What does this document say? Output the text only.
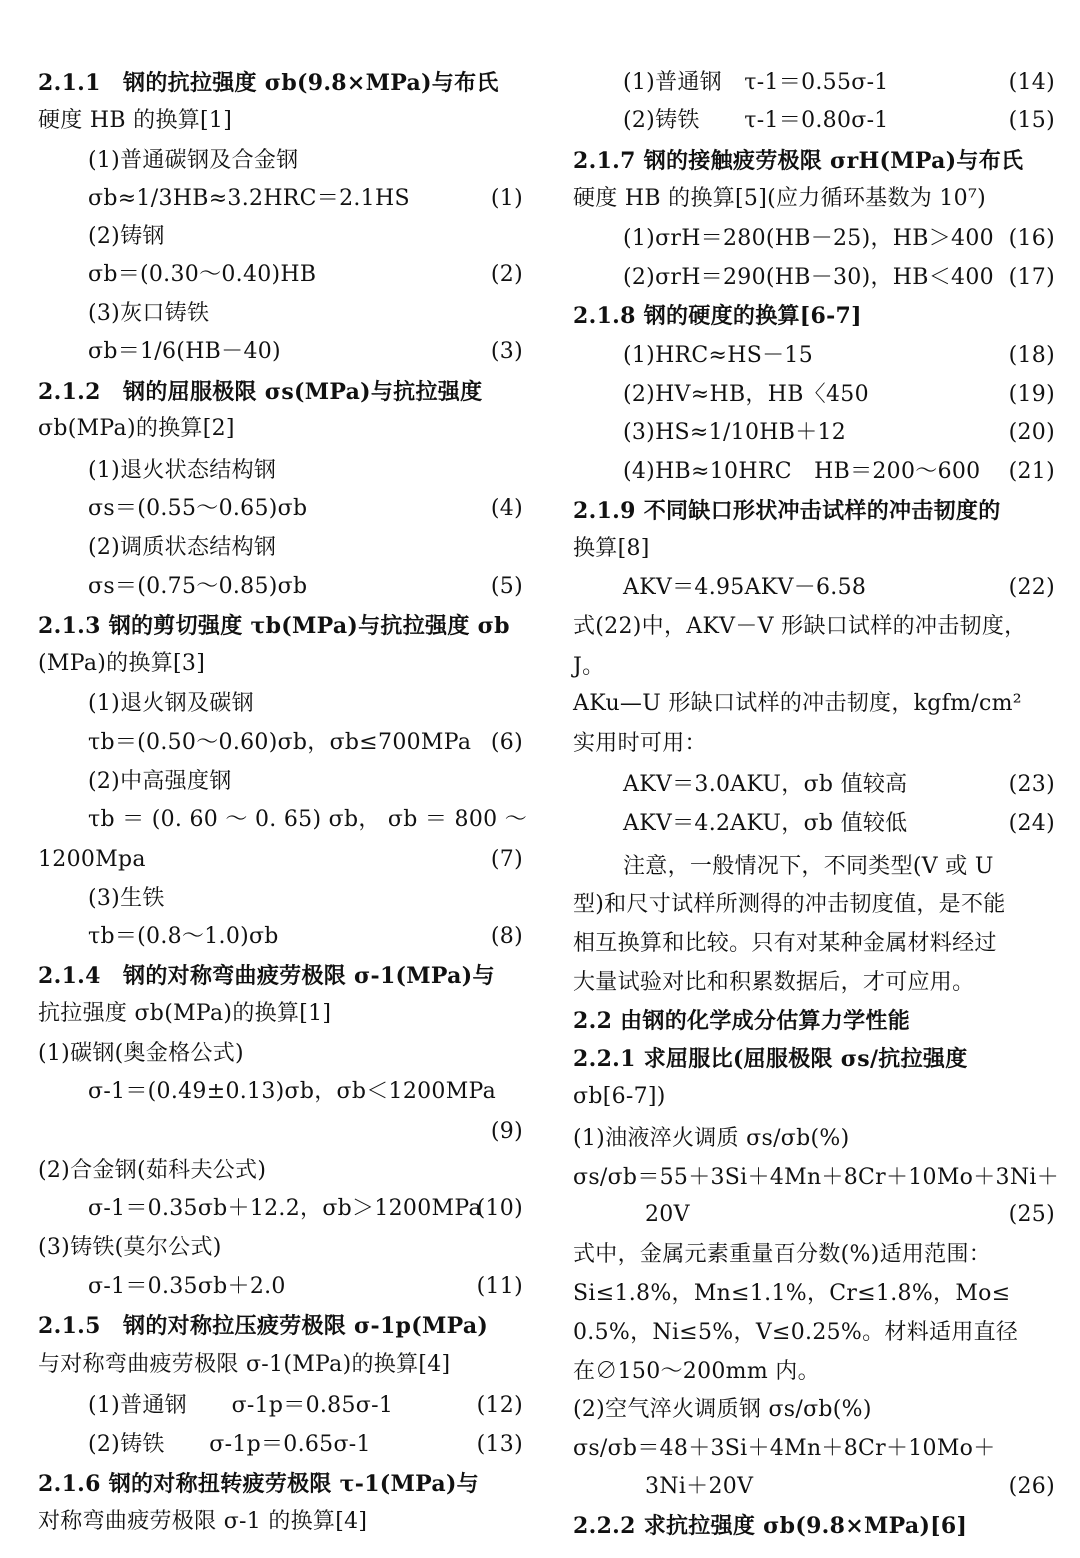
2.1.1　钢的抗拉强度 σb(9.8×MPa)与布氏
硬度 HB 的换算[1]
(1)普通碳钢及合金钢
σb≈1/3HB≈3.2HRC＝2.1HS	(1)
(2)铸钢
σb＝(0.30～0.40)HB	(2)
(3)灰口铸铁
σb＝1/6(HB－40)	(3)
2.1.2　钢的屈服极限 σs(MPa)与抗拉强度
σb(MPa)的换算[2]
(1)退火状态结构钢
σs＝(0.55～0.65)σb	(4)
(2)调质状态结构钢
σs＝(0.75～0.85)σb	(5)
2.1.3 钢的剪切强度 τb(MPa)与抗拉强度 σb
(MPa)的换算[3]
(1)退火钢及碳钢
τb＝(0.50～0.60)σb，σb≤700MPa (6)
(2)中高强度钢
τb ＝ (0. 60 ～ 0. 65) σb， σb ＝ 800 ～
1200Mpa	(7)
(3)生铁
τb＝(0.8～1.0)σb	(8)
2.1.4　钢的对称弯曲疲劳极限 σ-1(MPa)与
抗拉强度 σb(MPa)的换算[1]
(1)碳钢(奥金格公式)
σ-1＝(0.49±0.13)σb，σb＜1200MPa
(9)
(2)合金钢(茹科夫公式)
σ-1＝0.35σb＋12.2，σb＞1200MPa
(10)
(3)铸铁(莫尔公式)
σ-1＝0.35σb＋2.0	(11)
2.1.5　钢的对称拉压疲劳极限 σ-1p(MPa)
与对称弯曲疲劳极限 σ-1(MPa)的换算[4]
(1)普通钢　　σ-1p＝0.85σ-1	(12)
(2)铸铁　　σ-1p＝0.65σ-1	(13)
2.1.6 钢的对称扭转疲劳极限 τ-1(MPa)与
对称弯曲疲劳极限 σ-1 的换算[4]
(1)普通钢　τ-1＝0.55σ-1	(14)
(2)铸铁　　τ-1＝0.80σ-1	(15)
2.1.7 钢的接触疲劳极限 σrH(MPa)与布氏
硬度 HB 的换算[5](应力循环基数为 10⁷)
(1)σrH＝280(HB－25)，HB＞400 (16)
(2)σrH＝290(HB－30)，HB＜400 (17)
2.1.8 钢的硬度的换算[6-7]
(1)HRC≈HS－15	(18)
(2)HV≈HB，HB〈450	(19)
(3)HS≈1/10HB＋12	(20)
(4)HB≈10HRC　HB＝200～600 (21)
2.1.9 不同缺口形状冲击试样的冲击韧度的
换算[8]
AKV＝4.95AKV－6.58	(22)
式(22)中，AKV－V 形缺口试样的冲击韧度，
J。
AKu—U 形缺口试样的冲击韧度，kgfm/cm²
实用时可用：
AKV＝3.0AKU，σb 值较高	(23)
AKV＝4.2AKU，σb 值较低	(24)
注意，一般情况下，不同类型(V 或 U
型)和尺寸试样所测得的冲击韧度值，是不能
相互换算和比较。只有对某种金属材料经过
大量试验对比和积累数据后，才可应用。
2.2 由钢的化学成分估算力学性能
2.2.1 求屈服比(屈服极限 σs/抗拉强度
σb[6-7])
(1)油液淬火调质 σs/σb(%)
σs/σb＝55＋3Si＋4Mn＋8Cr＋10Mo＋3Ni＋
20V	(25)
式中，金属元素重量百分数(%)适用范围：
Si≤1.8%，Mn≤1.1%，Cr≤1.8%，Mo≤
0.5%，Ni≤5%，V≤0.25%。材料适用直径
在∅150～200mm 内。
(2)空气淬火调质钢 σs/σb(%)
σs/σb＝48＋3Si＋4Mn＋8Cr＋10Mo＋
3Ni＋20V	(26)
2.2.2 求抗拉强度 σb(9.8×MPa)[6]
